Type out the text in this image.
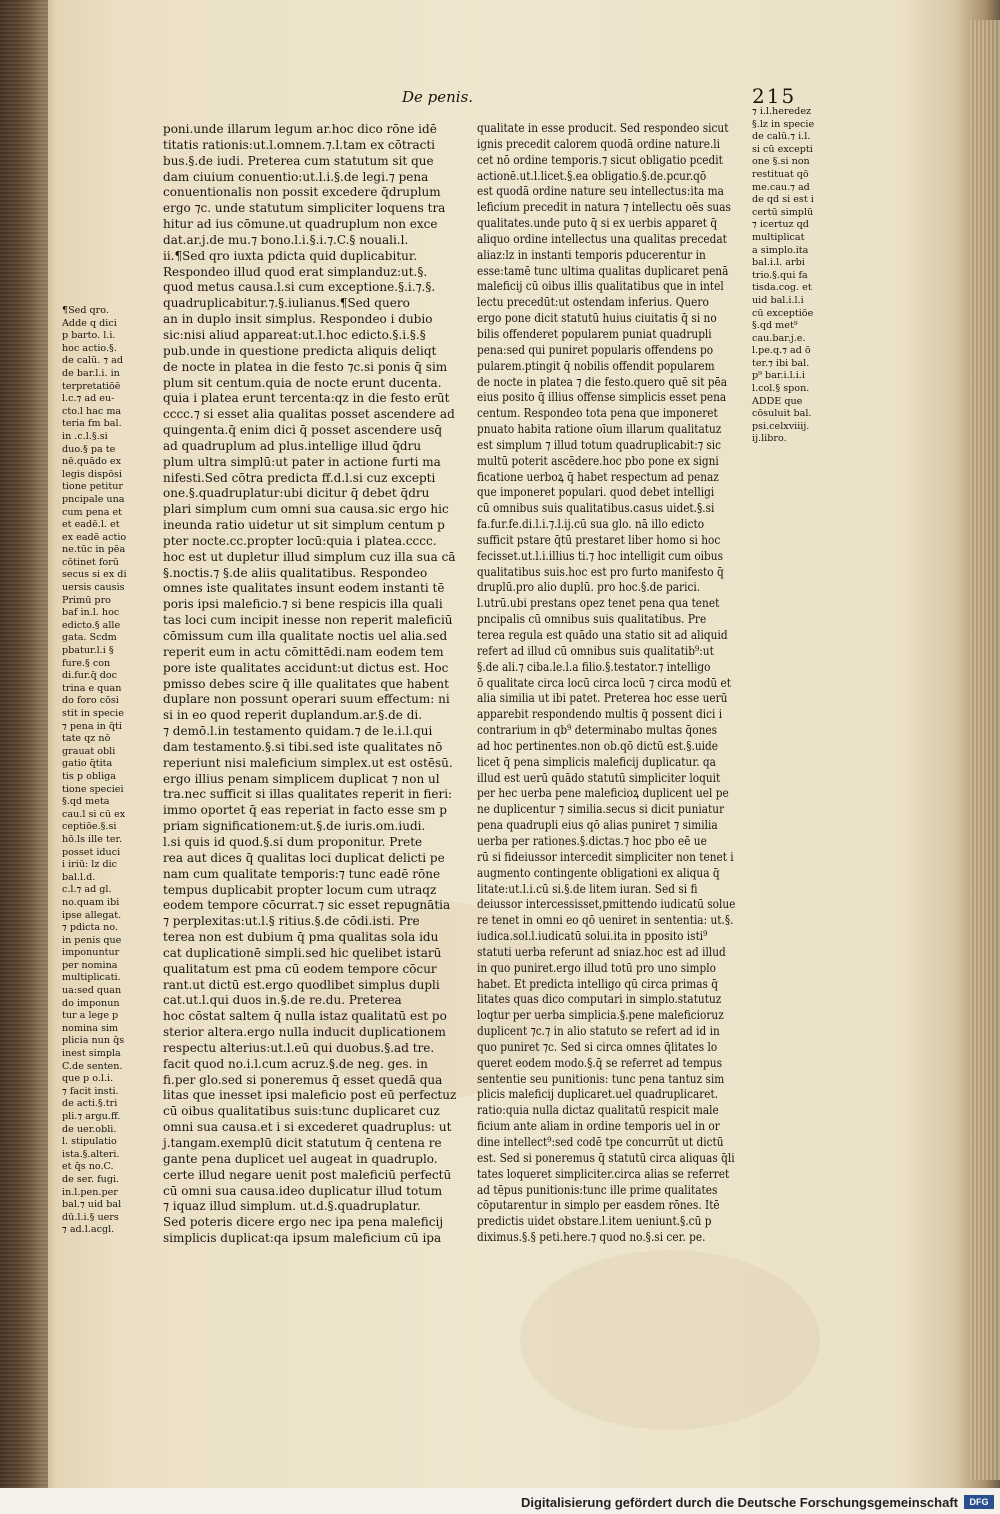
De penis.	215
¶Sed qro.
Adde q dici
p barto. l.i.
hoc actio.§.
de calū. ⁊ ad
de bar.l.i. in
terpretatiōē
l.c.⁊ ad eu-
cto.l hac ma
teria fm bal.
in .c.l.§.si
duo.§ pa te
nē.quādo ex
legis dispōsi
tione petitur
pncipale una
cum pena et
et eadē.l. et
ex eadē actio
ne.tūc in pēa
cōtinet forū
secus si ex di
uersis causis
Primū pro
baf in.l. hoc
edicto.§ alle
gata. Scdm
pbatur.l.i §
fure.§ con
di.fur.q̄ doc
trina e quan
do foro cōsi
stit in specie
⁊ pena in q̄ti
tate qz nō
grauat obli
gatio q̄tita
tis p obliga
tione speciei
§.qd meta
cau.l si cū ex
ceptiōe.§.si
hō.ls ille ter.
posset iduci
i iriū: lz dic
bal.l.d.
c.l.⁊ ad gl.
no.quam ibi
ipse allegat.
⁊ pdicta no.
in penis que
imponuntur
per nomina
multiplicati.
ua:sed quan
do imponun
tur a lege p
nomina sim
plicia nun q̄s
inest simpla
C.de senten.
que p o.l.i.
⁊ facit insti.
de acti.§.tri
pli.⁊ argu.ff.
de uer.obli.
l. stipulatio
ista.§.alteri.
et q̄s no.C.
de ser. fugi.
in.l.pen.per
bal.⁊ uid bal
dū.l.i.§ uers
⁊ ad.l.acgl.
⁊ i.l.heredez
§.lz in specie
de calū.⁊ i.l.
si cū excepti
one §.si non
restituat qō
me.cau.⁊ ad
de qd si est i
certū simplū
⁊ icertuz qd
multiplicat
a simplo.ita
bal.i.l. arbi
trio.§.qui fa
tisda.cog. et
uid bal.i.l.i
cū exceptiōe
§.qd met⁹
cau.bar.j.e.
l.pe.q.⁊ ad ō
ter.⁊ ibi bal.
p⁹ bar.i.l.i.i
l.col.§ spon.
ADDE que
cōsuluit bal.
psi.celxviiij.
ij.libro.
poni.unde illarum legum ar.hoc dico rōne idē
titatis rationis:ut.l.omnem.⁊.l.tam ex cōtracti
bus.§.de iudi. Preterea cum statutum sit que
dam ciuium conuentio:ut.l.i.§.de legi.⁊ pena
conuentionalis non possit excedere q̄druplum
ergo ⁊c. unde statutum simpliciter loquens tra
hitur ad ius cōmune.ut quadruplum non exce
dat.ar.j.de mu.⁊ bono.l.i.§.i.⁊.C.§ nouali.l.
ii.¶Sed qro iuxta pdicta quid duplicabitur.
Respondeo illud quod erat simplanduz:ut.§.
quod metus causa.l.si cum exceptione.§.i.⁊.§.
quadruplicabitur.⁊.§.iulianus.¶Sed quero
an in duplo insit simplus. Respondeo i dubio
sic:nisi aliud appareat:ut.l.hoc edicto.§.i.§.§
pub.unde in questione predicta aliquis deliqt
de nocte in platea in die festo ⁊c.si ponis q̄ sim
plum sit centum.quia de nocte erunt ducenta.
quia i platea erunt tercenta:qz in die festo erūt
cccc.⁊ si esset alia qualitas posset ascendere ad
quingenta.q̄ enim dici q̄ posset ascendere usq̄
ad quadruplum ad plus.intellige illud q̄dru
plum ultra simplū:ut pater in actione furti ma
nifesti.Sed cōtra predicta ff.d.l.si cuz excepti
one.§.quadruplatur:ubi dicitur q̄ debet q̄dru
plari simplum cum omni sua causa.sic ergo hic
ineunda ratio uidetur ut sit simplum centum p
pter nocte.cc.propter locū:quia i platea.cccc.
hoc est ut dupletur illud simplum cuz illa sua cā
§.noctis.⁊ §.de aliis qualitatibus. Respondeo
omnes iste qualitates insunt eodem instanti tē
poris ipsi maleficio.⁊ si bene respicis illa quali
tas loci cum incipit inesse non reperit maleficiū
cōmissum cum illa qualitate noctis uel alia.sed
reperit eum in actu cōmittēdi.nam eodem tem
pore iste qualitates accidunt:ut dictus est. Hoc
pmisso debes scire q̄ ille qualitates que habent
duplare non possunt operari suum effectum: ni
si in eo quod reperit duplandum.ar.§.de di.
⁊ demō.l.in testamento quidam.⁊ de le.i.l.qui
dam testamento.§.si tibi.sed iste qualitates nō
reperiunt nisi maleficium simplex.ut est ostēsū.
ergo illius penam simplicem duplicat ⁊ non ul
tra.nec sufficit si illas qualitates reperit in fieri:
immo oportet q̄ eas reperiat in facto esse sm p
priam significationem:ut.§.de iuris.om.iudi.
l.si quis id quod.§.si dum proponitur. Prete
rea aut dices q̄ qualitas loci duplicat delicti pe
nam cum qualitate temporis:⁊ tunc eadē rōne
tempus duplicabit propter locum cum utraqz
eodem tempore cōcurrat.⁊ sic esset repugnātia
⁊ perplexitas:ut.l.§ ritius.§.de cōdi.isti. Pre
terea non est dubium q̄ pma qualitas sola idu
cat duplicationē simpli.sed hic quelibet istarū
qualitatum est pma cū eodem tempore cōcur
rant.ut dictū est.ergo quodlibet simplus dupli
cat.ut.l.qui duos in.§.de re.du. Preterea
hoc cōstat saltem q̄ nulla istaz qualitatū est po
sterior altera.ergo nulla inducit duplicationem
respectu alterius:ut.l.eū qui duobus.§.ad tre.
facit quod no.i.l.cum acruz.§.de neg. ges. in
fi.per glo.sed si poneremus q̄ esset quedā qua
litas que inesset ipsi maleficio post eū perfectuz
cū oibus qualitatibus suis:tunc duplicaret cuz
omni sua causa.et i si excederet quadruplus: ut
j.tangam.exemplū dicit statutum q̄ centena re
gante pena duplicet uel augeat in quadruplo.
certe illud negare uenit post maleficiū perfectū
cū omni sua causa.ideo duplicatur illud totum
⁊ iquaz illud simplum. ut.d.§.quadruplatur.
Sed poteris dicere ergo nec ipa pena maleficij
simplicis duplicat:qa ipsum maleficium cū ipa
qualitate in esse producit. Sed respondeo sicut
ignis precedit calorem quodā ordine nature.li
cet nō ordine temporis.⁊ sicut obligatio pcedit
actionē.ut.l.licet.§.ea obligatio.§.de.pcur.qō
est quodā ordine nature seu intellectus:ita ma
leficium precedit in natura ⁊ intellectu oēs suas
qualitates.unde puto q̄ si ex uerbis apparet q̄
aliquo ordine intellectus una qualitas precedat
aliaz:lz in instanti temporis pducerentur in
esse:tamē tunc ultima qualitas duplicaret penā
maleficij cū oibus illis qualitatibus que in intel
lectu precedūt:ut ostendam inferius. Quero
ergo pone dicit statutū huius ciuitatis q̄ si no
bilis offenderet popularem puniat quadrupli
pena:sed qui puniret popularis offendens po
pularem.ptingit q̄ nobilis offendit popularem
de nocte in platea ⁊ die festo.quero quē sit pēa
eius posito q̄ illius offense simplicis esset pena
centum. Respondeo tota pena que imponeret
pnuato habita ratione oīum illarum qualitatuz
est simplum ⁊ illud totum quadruplicabit:⁊ sic
multū poterit ascēdere.hoc pbo pone ex signi
ficatione uerboꝝ q̄ habet respectum ad penaz
que imponeret populari. quod debet intelligi
cū omnibus suis qualitatibus.casus uidet.§.si
fa.fur.fe.di.l.i.⁊.l.ij.cū sua glo. nā illo edicto
sufficit pstare q̄tū prestaret liber homo si hoc
fecisset.ut.l.i.illius ti.⁊ hoc intelligit cum oibus
qualitatibus suis.hoc est pro furto manifesto q̄
druplū.pro alio duplū. pro hoc.§.de parici.
l.utrū.ubi prestans opez tenet pena qua tenet
pncipalis cū omnibus suis qualitatibus. Pre
terea regula est quādo una statio sit ad aliquid
refert ad illud cū omnibus suis qualitatib⁹:ut
§.de ali.⁊ ciba.le.l.a filio.§.testator.⁊ intelligo
ō qualitate circa locū circa locū ⁊ circa modū et
alia similia ut ibi patet. Preterea hoc esse uerū
apparebit respondendo multis q̄ possent dici i
contrarium in qb⁹ determinabo multas q̄ones
ad hoc pertinentes.non ob.qō dictū est.§.uide
licet q̄ pena simplicis maleficij duplicatur. qa
illud est uerū quādo statutū simpliciter loquit
per hec uerba pene maleficioꝝ duplicent uel pe
ne duplicentur ⁊ similia.secus si dicit puniatur
pena quadrupli eius qō alias puniret ⁊ similia
uerba per rationes.§.dictas.⁊ hoc pbo eē ue
rū si fideiussor intercedit simpliciter non tenet i
augmento contingente obligationi ex aliqua q̄
litate:ut.l.i.cū si.§.de litem iuran. Sed si fi
deiussor intercessisset,pmittendo iudicatū solue
re tenet in omni eo qō ueniret in sententia: ut.§.
iudica.sol.l.iudicatū solui.ita in pposito isti⁹
statuti uerba referunt ad sniaz.hoc est ad illud
in quo puniret.ergo illud totū pro uno simplo
habet. Et predicta intelligo qū circa primas q̄
litates quas dico computari in simplo.statutuz
loqtur per uerba simplicia.§.pene maleficioruz
duplicent ⁊c.⁊ in alio statuto se refert ad id in
quo puniret ⁊c. Sed si circa omnes q̄litates lo
queret eodem modo.§.q̄ se referret ad tempus
sententie seu punitionis: tunc pena tantuz sim
plicis maleficij duplicaret.uel quadruplicaret.
ratio:quia nulla dictaz qualitatū respicit male
ficium ante aliam in ordine temporis uel in or
dine intellect⁹:sed codē tpe concurrūt ut dictū
est. Sed si poneremus q̄ statutū circa aliquas q̄li
tates loqueret simpliciter.circa alias se referret
ad tēpus punitionis:tunc ille prime qualitates
cōputarentur in simplo per easdem rōnes. Itē
predictis uidet obstare.l.item ueniunt.§.cū p
diximus.§.§ peti.here.⁊ quod no.§.si cer. pe.
Digitalisierung gefördert durch die Deutsche Forschungsgemeinschaft	DFG
